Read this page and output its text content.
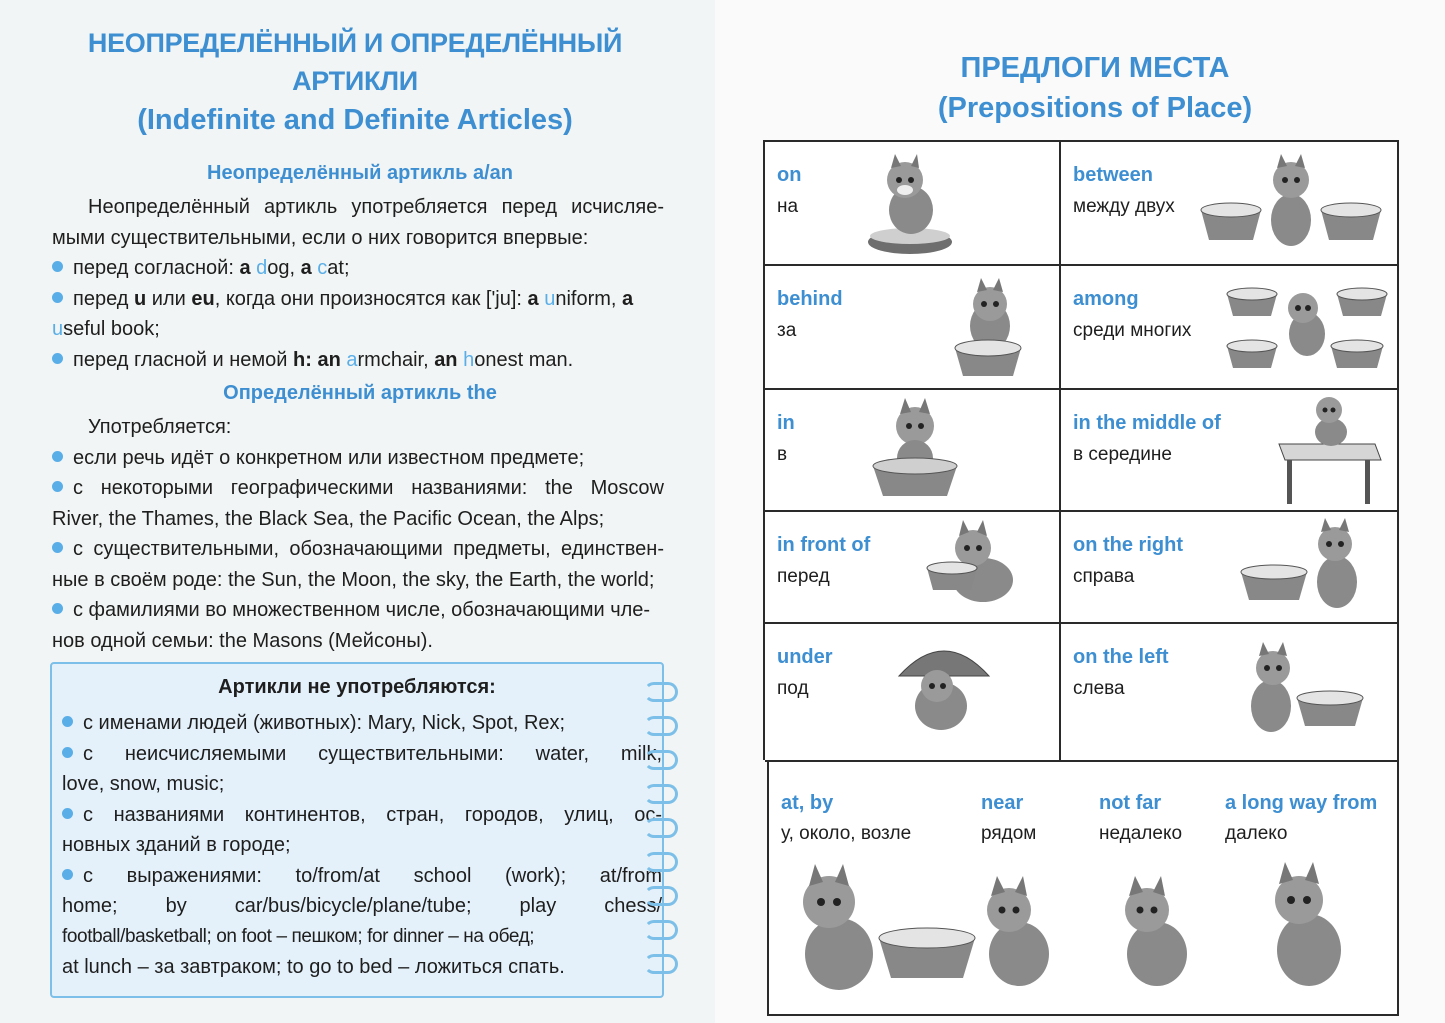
НЕОПРЕДЕЛЁННЫЙ И ОПРЕДЕЛЁННЫЙ
АРТИКЛИ
(Indefinite and Definite Articles)
Неопределённый артикль a/an
Неопределённый артикль употребляется перед исчисляе-
мыми существительными, если о них говорится впервые:
перед согласной: a dog, a cat;
перед u или eu, когда они произносятся как ['ju]: a uniform, a
useful book;
перед гласной и немой h: an armchair, an honest man.
Определённый артикль the
Употребляется:
если речь идёт о конкретном или известном предмете;
с некоторыми географическими названиями: the Moscow
River, the Thames, the Black Sea, the Pacific Ocean, the Alps;
с существительными, обозначающими предметы, единствен-
ные в своём роде: the Sun, the Moon, the sky, the Earth, the world;
с фамилиями во множественном числе, обозначающими чле-
нов одной семьи: the Masons (Мейсоны).
Артикли не употребляются:
с именами людей (животных): Mary, Nick, Spot, Rex;
с неисчисляемыми существительными: water, milk,
love, snow, music;
с названиями континентов, стран, городов, улиц, ос-
новных зданий в городе;
с выражениями: to/from/at school (work); at/from
home; by car/bus/bicycle/plane/tube; play chess/
football/basketball; on foot – пешком; for dinner – на обед;
at lunch – за завтраком; to go to bed – ложиться спать.
ПРЕДЛОГИ МЕСТА
(Prepositions of Place)
on
на
between
между двух
behind
за
among
среди многих
in
в
in the middle of
в середине
in front of
перед
on the right
справа
under
под
on the left
слева
at, by
у, около, возле
near
рядом
not far
недалеко
a long way from
далеко
